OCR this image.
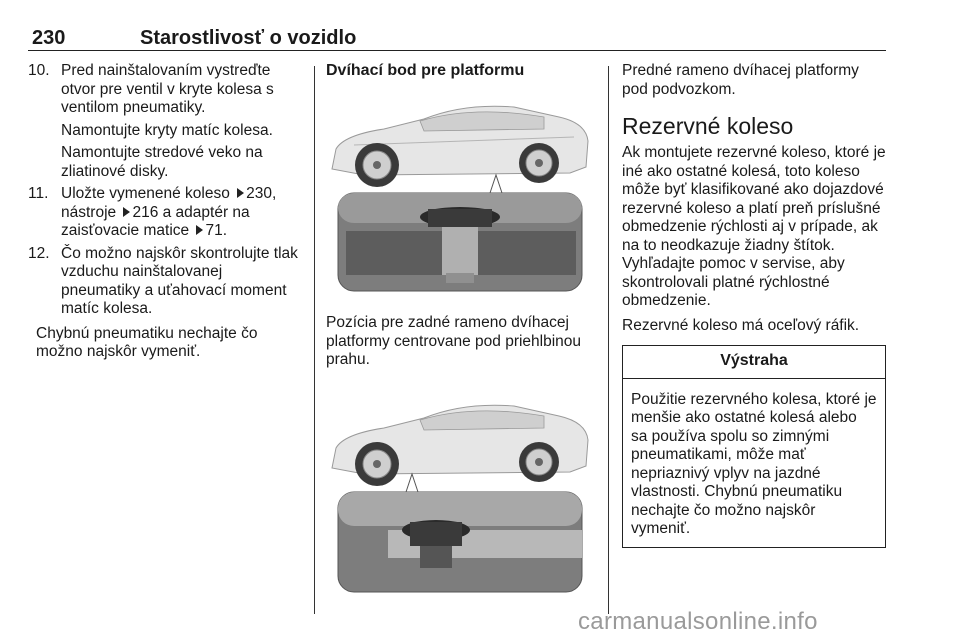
230	Starostlivosť o vozidlo
10. Pred nainštalovaním vystreďte otvor pre ventil v kryte kolesa s ventilom pneumatiky.
Namontujte kryty matíc kolesa.
Namontujte stredové veko na zliatinové disky.
11. Uložte vymenené koleso 230, nástroje 216 a adaptér na zaisťovacie matice 71.
12. Čo možno najskôr skontrolujte tlak vzduchu nainštalovanej pneumatiky a uťahovací moment matíc kolesa.
Chybnú pneumatiku nechajte čo možno najskôr vymeniť.
Dvíhací bod pre platformu
Pozícia pre zadné rameno dvíhacej platformy centrovane pod priehlbinou prahu.
Predné rameno dvíhacej platformy pod podvozkom.
Rezervné koleso
Ak montujete rezervné koleso, ktoré je iné ako ostatné kolesá, toto koleso môže byť klasifikované ako dojazdové rezervné koleso a platí preň príslušné obmedzenie rýchlosti aj v prípade, ak na to neodkazuje žiadny štítok. Vyhľadajte pomoc v servise, aby skontrolovali platné rýchlostné obmedzenie.
Rezervné koleso má oceľový ráfik.
Výstraha
Použitie rezervného kolesa, ktoré je menšie ako ostatné kolesá alebo sa používa spolu so zimnými pneumatikami, môže mať nepriaznivý vplyv na jazdné vlastnosti. Chybnú pneumatiku nechajte čo možno najskôr vymeniť.
carmanualsonline.info
